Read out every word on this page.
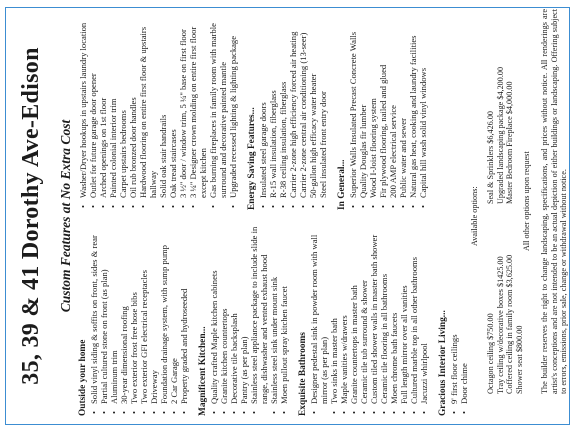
35, 39 & 41 Dorothy Ave-Edison Custom Features at No Extra Cost
Outside your home • Solid vinyl siding & soffits on front, sides & rear • Partial cultured stone on front (as plan) • Aluminum trim • 30-year dimensional roofing • Two exterior frost free hose bibs • Two exterior GFI electrical receptacles • Driveway • Foundation drainage system, with sump pump • 2 Car Garage • Property graded and hydroseeded Magnificent Kitchen... • Quality crafted Maple kitchen cabinets • Granite kitchen countertops • Decorative tile backsplash • Pantry (as per plan) • Stainless steel appliance package to include slide in range, dishwasher and vented exhaust hood • Stainless steel sink under mount sink • Moen pullout spray kitchen faucet Exquisite Bathrooms • Designer pedestal sink in powder room with wall mirror (as per plan) • Two sinks in master bath • Maple vanities w/drawers • Granite countertops in master bath • Ceramic tile tub surround & shower • Custom tiled shower walls in master bath shower • Ceramic tile flooring in all bathrooms • Moen chrome bath faucets • Full length mirror over all vanities • Cultured marble top in all other bathrooms • Jacuzzi whirlpool Gracious Interior Living... • 9' first floor ceilings • Door chime
• Washer/Dryer hookups in upstairs laundry location • Outlet for future garage door opener • Arched openings on 1st floor • Painted colonial interior trim • Carpet upstairs bedrooms • Oil rub bronzed door handles • Hardwood flooring on entire first floor & upstairs hallway • Solid oak stair handrails • Oak tread staircases • 3 ½" door / window trim, 5 ¼" base on first floor • 3 ¼" Designer crown molding on entire first floor except kitchen • Gas burning fireplaces in family room with marble surround and decorative painted mantle • Upgraded recessed lighting & lighting package Energy Saving Features... • Insulated steel garage doors • R-15 wall insulation, fiberglass • R-38 ceiling insulation, fiberglass • Carrier 2-zone high efficiency forced air heating • Carrier 2-zone central air conditioning (13-seer) • 50-gallon high efficacy water heater • Steel insulated front entry door In General... • Superior Walls Insulated Precast Concrete Walls • Quality Douglas fir lumber • Wood I-Joist flooring system • Fir plywood flooring, nailed and glued • 200 AMP electrical service • Public water and sewer • Natural gas heat, cooking and laundry facilities • Capital hill wash solid vinyl windows
Available options:
Octagon ceiling $750.00 Tray ceiling w/decorative boxes $1425.00 Coffered ceiling in family room $3,625.00 Shower seat $800.00
Seal & Sprinklers $6,426.00 Upgraded landscaping package $4,200.00 Master Bedroom Fireplace $4,000.00 All other options upon request The builder reserves the right to change landscaping, specifications, and prices without notice. All renderings are artist's conceptions and are not intended to be an actual depiction of either buildings or landscaping. Offering subject to errors, emissions, prior sale, change or withdrawal without notice.
